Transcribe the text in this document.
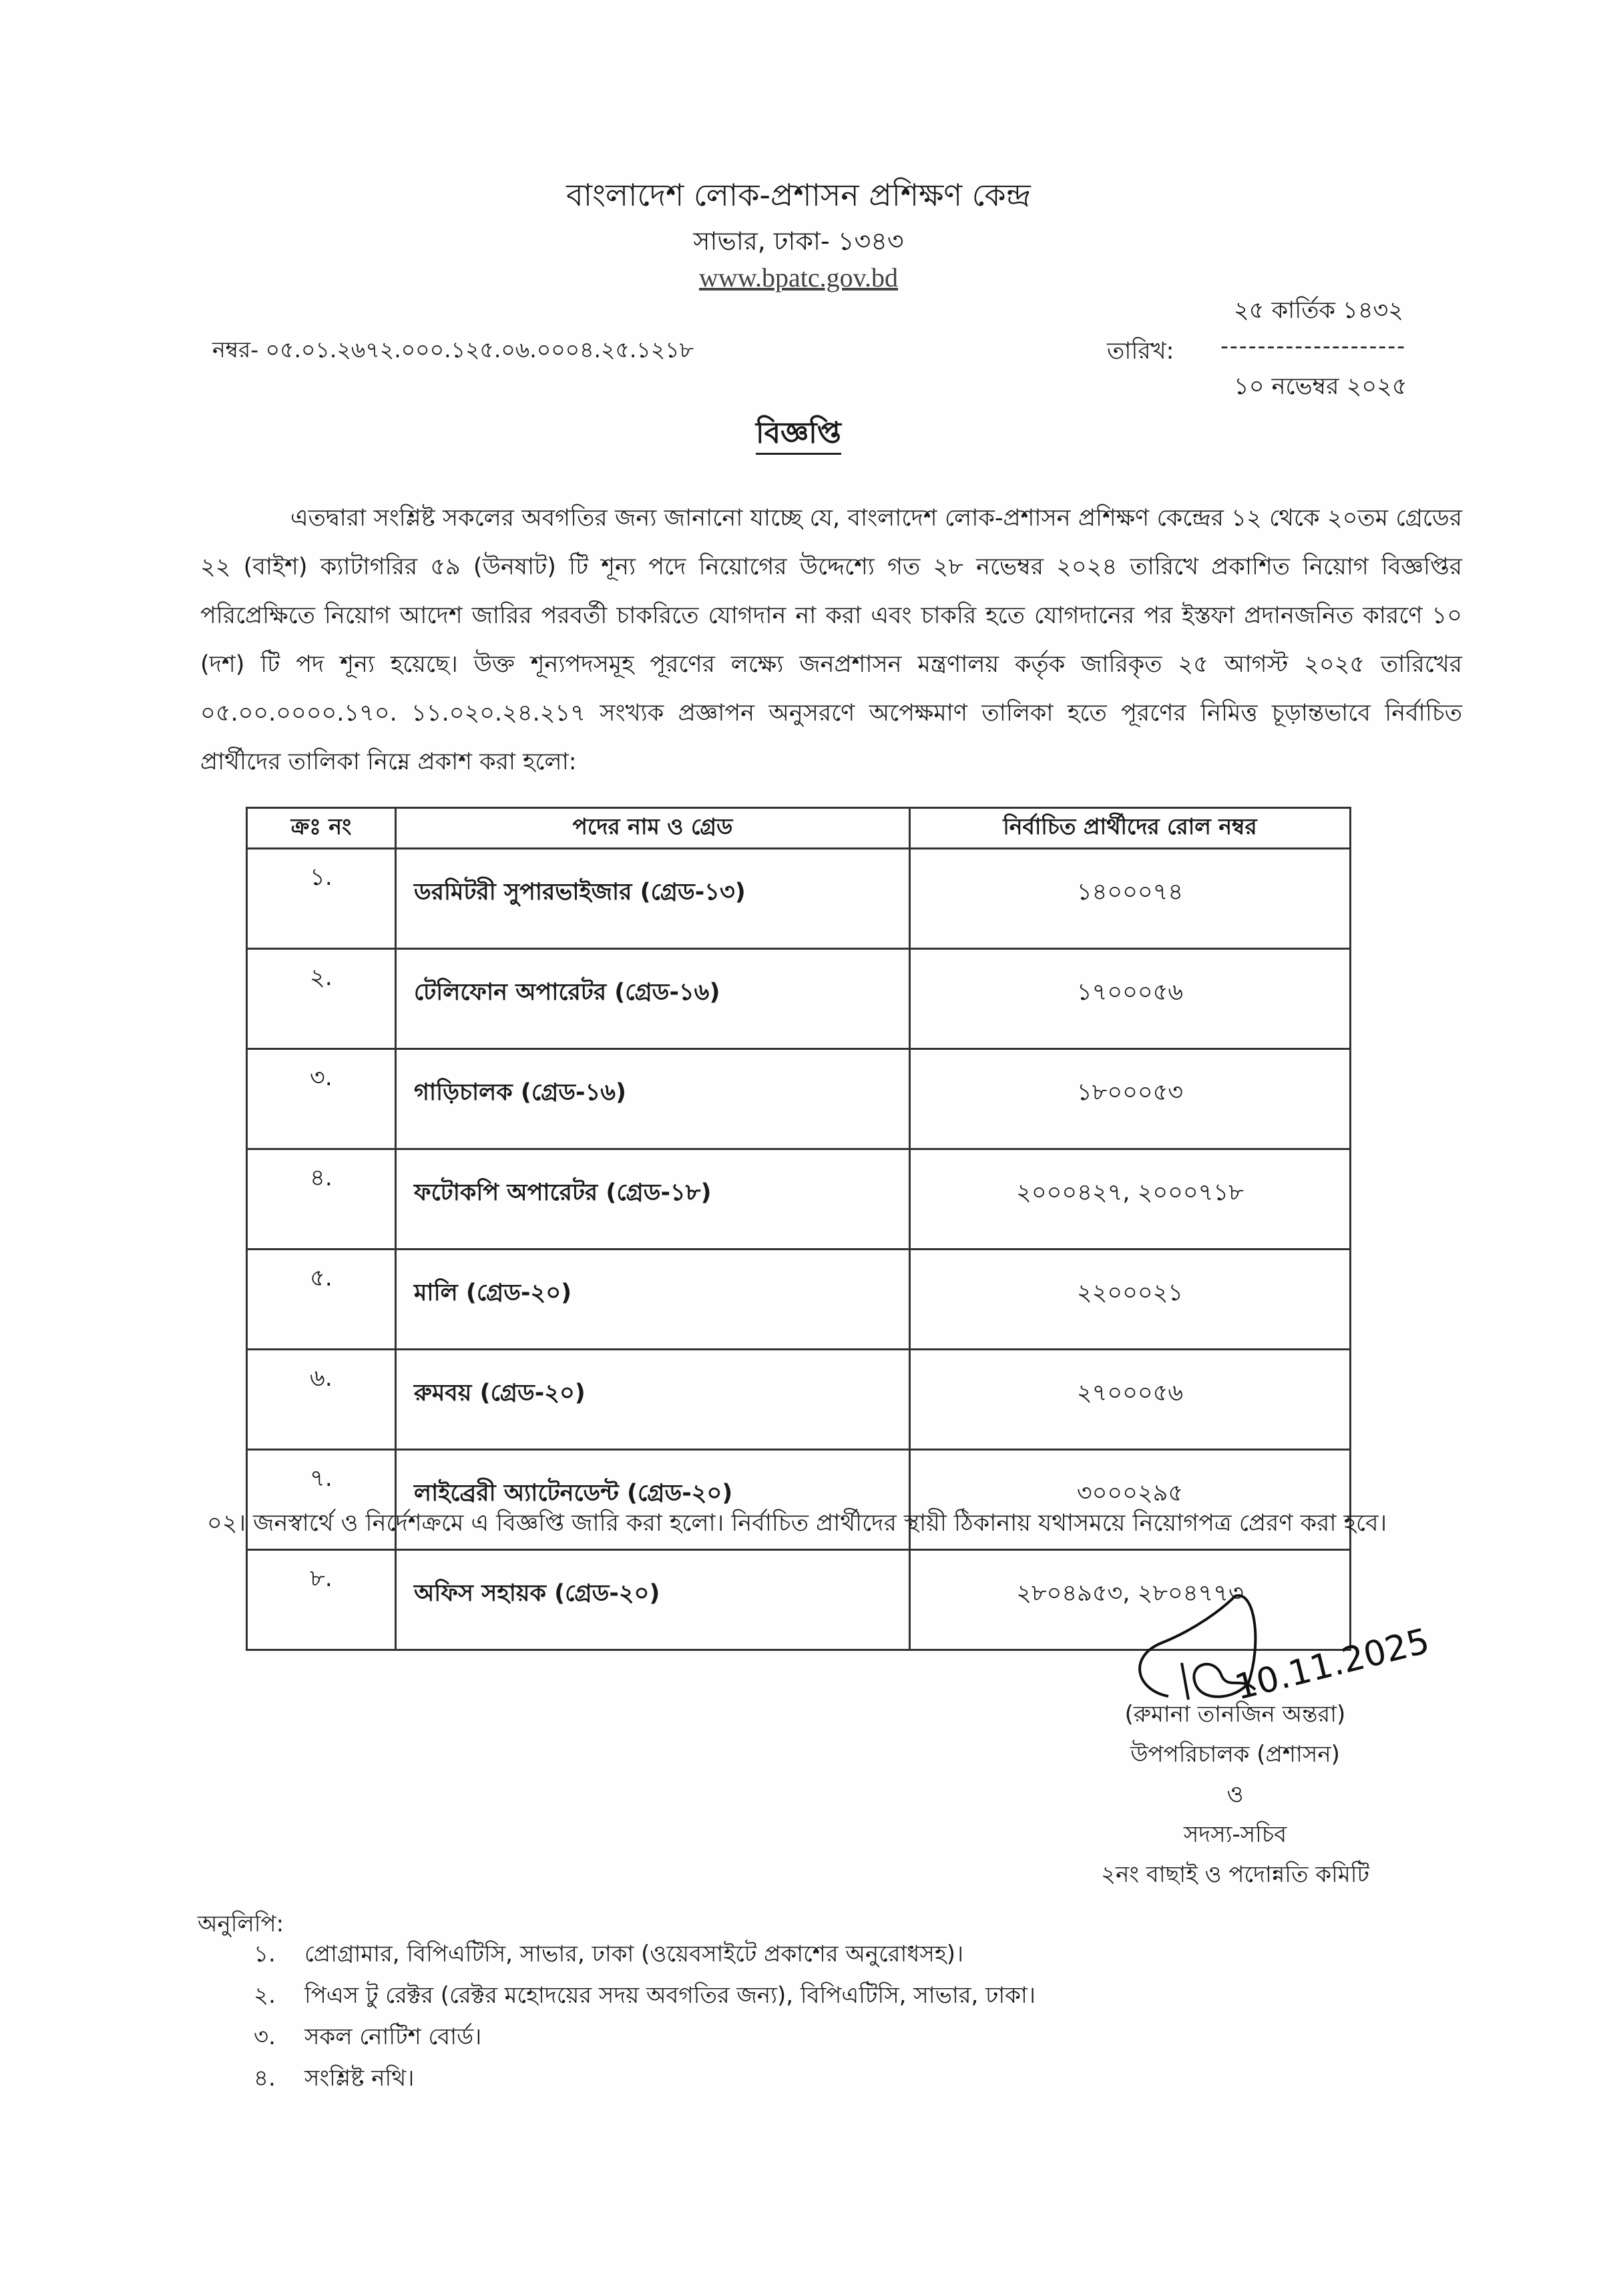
বাংলাদেশ লোক-প্রশাসন প্রশিক্ষণ কেন্দ্র
সাভার, ঢাকা- ১৩৪৩
www.bpatc.gov.bd
২৫ কার্তিক ১৪৩২
নম্বর- ০৫.০১.২৬৭২.০০০.১২৫.০৬.০০০৪.২৫.১২১৮	তারিখ: --------------------
১০ নভেম্বর ২০২৫
বিজ্ঞপ্তি
এতদ্বারা সংশ্লিষ্ট সকলের অবগতির জন্য জানানো যাচ্ছে যে, বাংলাদেশ লোক-প্রশাসন প্রশিক্ষণ কেন্দ্রের ১২ থেকে ২০তম গ্রেডের ২২ (বাইশ) ক্যাটাগরির ৫৯ (উনষাট) টি শূন্য পদে নিয়োগের উদ্দেশ্যে গত ২৮ নভেম্বর ২০২৪ তারিখে প্রকাশিত নিয়োগ বিজ্ঞপ্তির পরিপ্রেক্ষিতে নিয়োগ আদেশ জারির পরবর্তী চাকরিতে যোগদান না করা এবং চাকরি হতে যোগদানের পর ইস্তফা প্রদানজনিত কারণে ১০ (দশ) টি পদ শূন্য হয়েছে। উক্ত শূন্যপদসমূহ পূরণের লক্ষ্যে জনপ্রশাসন মন্ত্রণালয় কর্তৃক জারিকৃত ২৫ আগস্ট ২০২৫ তারিখের ০৫.০০.০০০০.১৭০. ১১.০২০.২৪.২১৭ সংখ্যক প্রজ্ঞাপন অনুসরণে অপেক্ষমাণ তালিকা হতে পূরণের নিমিত্ত চূড়ান্তভাবে নির্বাচিত প্রার্থীদের তালিকা নিম্নে প্রকাশ করা হলো:
ক্রঃ নং	পদের নাম ও গ্রেড	নির্বাচিত প্রার্থীদের রোল নম্বর
১.	ডরমিটরী সুপারভাইজার (গ্রেড-১৩)	১৪০০০৭৪
২.	টেলিফোন অপারেটর (গ্রেড-১৬)	১৭০০০৫৬
৩.	গাড়িচালক (গ্রেড-১৬)	১৮০০০৫৩
৪.	ফটোকপি অপারেটর (গ্রেড-১৮)	২০০০৪২৭, ২০০০৭১৮
৫.	মালি (গ্রেড-২০)	২২০০০২১
৬.	রুমবয় (গ্রেড-২০)	২৭০০০৫৬
৭.	লাইব্রেরী অ্যাটেনডেন্ট (গ্রেড-২০)	৩০০০২৯৫
৮.	অফিস সহায়ক (গ্রেড-২০)	২৮০৪৯৫৩, ২৮০৪৭৭৩
০২। জনস্বার্থে ও নির্দেশক্রমে এ বিজ্ঞপ্তি জারি করা হলো। নির্বাচিত প্রার্থীদের স্থায়ী ঠিকানায় যথাসময়ে নিয়োগপত্র প্রেরণ করা হবে।
10.11.2025
(রুমানা তানজিন অন্তরা)
উপপরিচালক (প্রশাসন)
ও
সদস্য-সচিব
২নং বাছাই ও পদোন্নতি কমিটি
অনুলিপি:
১. প্রোগ্রামার, বিপিএটিসি, সাভার, ঢাকা (ওয়েবসাইটে প্রকাশের অনুরোধসহ)।
২. পিএস টু রেক্টর (রেক্টর মহোদয়ের সদয় অবগতির জন্য), বিপিএটিসি, সাভার, ঢাকা।
৩. সকল নোটিশ বোর্ড।
৪. সংশ্লিষ্ট নথি।
